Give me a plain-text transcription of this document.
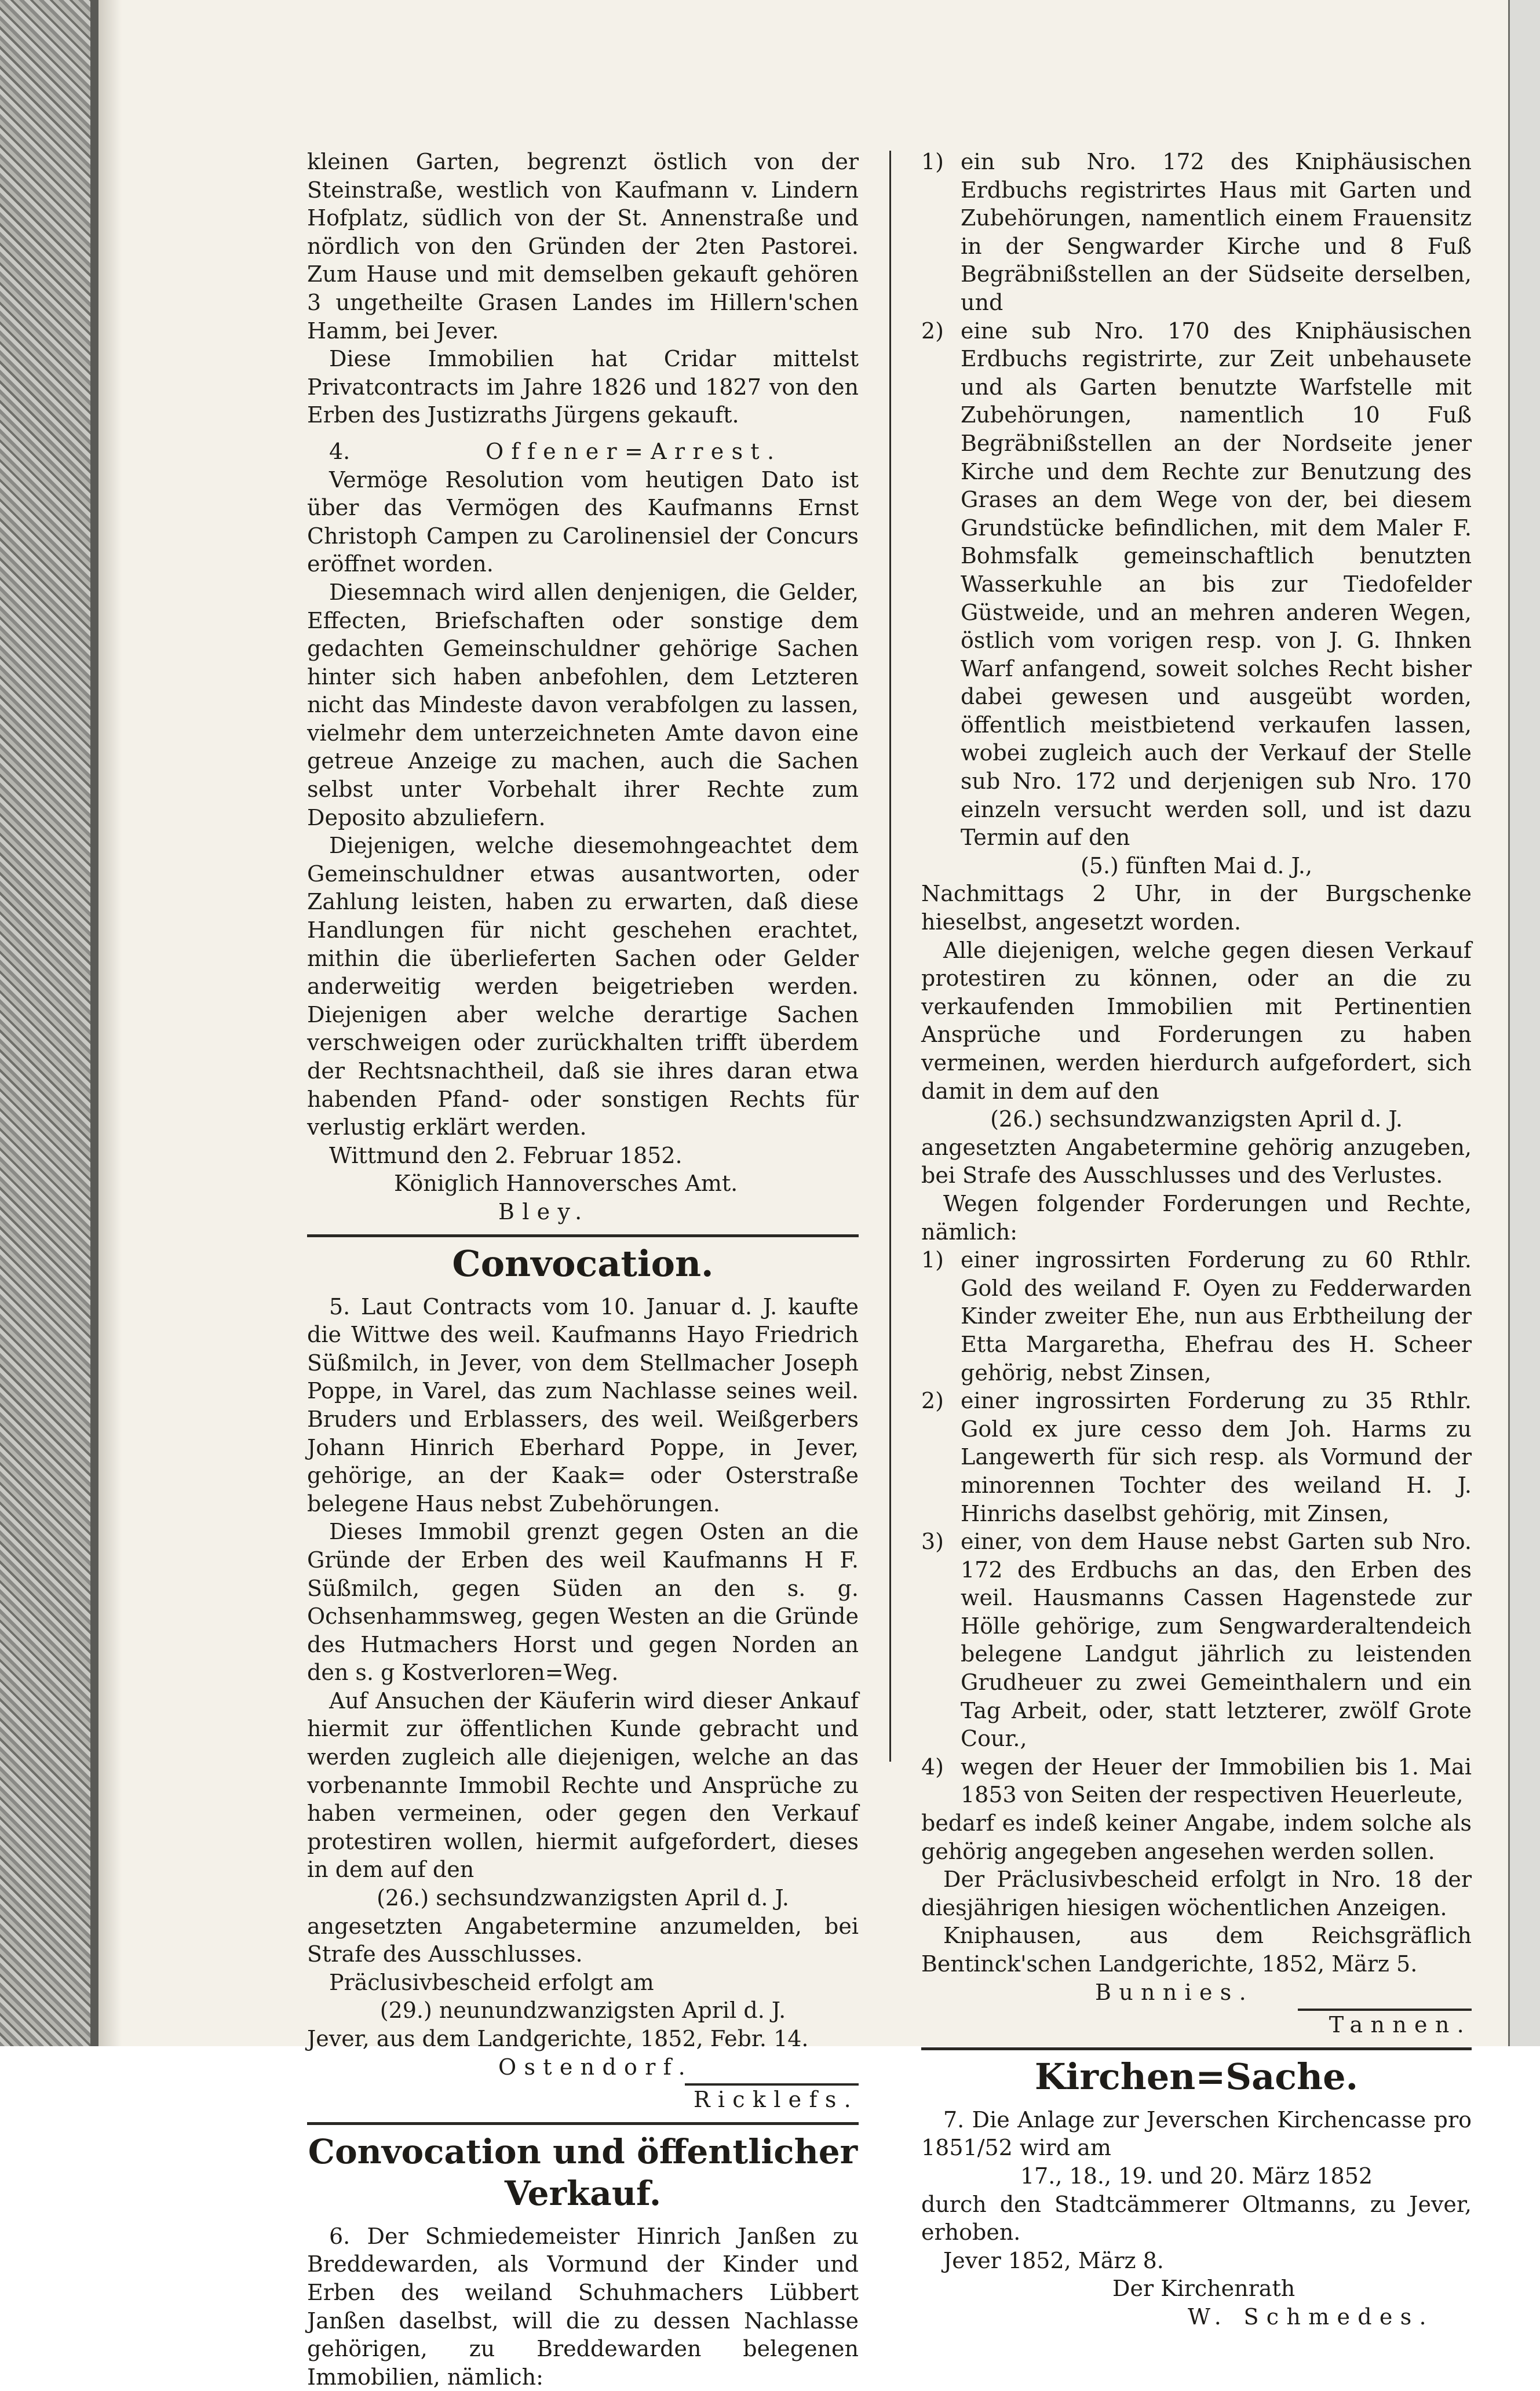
kleinen Garten, begrenzt östlich von der Steinstraße, westlich von Kaufmann v. Lindern Hofplatz, südlich von der St. Annenstraße und nördlich von den Gründen der 2ten Pastorei. Zum Hause und mit demselben gekauft gehören 3 ungetheilte Grasen Landes im Hillern'schen Hamm, bei Jever.

Diese Immobilien hat Cridar mittelst Privatcontracts im Jahre 1826 und 1827 von den Erben des Justizraths Jürgens gekauft.

4.	Offener=Arrest.

Vermöge Resolution vom heutigen Dato ist über das Vermögen des Kaufmanns Ernst Christoph Campen zu Carolinensiel der Concurs eröffnet worden.

Diesemnach wird allen denjenigen, die Gelder, Effecten, Briefschaften oder sonstige dem gedachten Gemeinschuldner gehörige Sachen hinter sich haben anbefohlen, dem Letzteren nicht das Mindeste davon verabfolgen zu lassen, vielmehr dem unterzeichneten Amte davon eine getreue Anzeige zu machen, auch die Sachen selbst unter Vorbehalt ihrer Rechte zum Deposito abzuliefern.

Diejenigen, welche diesemohngeachtet dem Gemeinschuldner etwas ausantworten, oder Zahlung leisten, haben zu erwarten, daß diese Handlungen für nicht geschehen erachtet, mithin die überlieferten Sachen oder Gelder anderweitig werden beigetrieben werden. Diejenigen aber welche derartige Sachen verschweigen oder zurückhalten trifft überdem der Rechtsnachtheil, daß sie ihres daran etwa habenden Pfand- oder sonstigen Rechts für verlustig erklärt werden.

Wittmund den 2. Februar 1852.

Königlich Hannoversches Amt.

Bley.

Convocation.

5. Laut Contracts vom 10. Januar d. J. kaufte die Wittwe des weil. Kaufmanns Hayo Friedrich Süßmilch, in Jever, von dem Stellmacher Joseph Poppe, in Varel, das zum Nachlasse seines weil. Bruders und Erblassers, des weil. Weißgerbers Johann Hinrich Eberhard Poppe, in Jever, gehörige, an der Kaak= oder Osterstraße belegene Haus nebst Zubehörungen.

Dieses Immobil grenzt gegen Osten an die Gründe der Erben des weil Kaufmanns H F. Süßmilch, gegen Süden an den s. g. Ochsenhammsweg, gegen Westen an die Gründe des Hutmachers Horst und gegen Norden an den s. g Kostverloren=Weg.

Auf Ansuchen der Käuferin wird dieser Ankauf hiermit zur öffentlichen Kunde gebracht und werden zugleich alle diejenigen, welche an das vorbenannte Immobil Rechte und Ansprüche zu haben vermeinen, oder gegen den Verkauf protestiren wollen, hiermit aufgefordert, dieses in dem auf den

(26.) sechsundzwanzigsten April d. J.

angesetzten Angabetermine anzumelden, bei Strafe des Ausschlusses.

Präclusivbescheid erfolgt am

(29.) neunundzwanzigsten April d. J.

Jever, aus dem Landgerichte, 1852, Febr. 14.

Ostendorf.

Ricklefs.

Convocation und öffentlicher Verkauf.

6. Der Schmiedemeister Hinrich Janßen zu Breddewarden, als Vormund der Kinder und Erben des weiland Schuhmachers Lübbert Janßen daselbst, will die zu dessen Nachlasse gehörigen, zu Breddewarden belegenen Immobilien, nämlich:

1) ein sub Nro. 172 des Kniphäusischen Erdbuchs registrirtes Haus mit Garten und Zubehörungen, namentlich einem Frauensitz in der Sengwarder Kirche und 8 Fuß Begräbnißstellen an der Südseite derselben, und
2) eine sub Nro. 170 des Kniphäusischen Erdbuchs registrirte, zur Zeit unbehausete und als Garten benutzte Warfstelle mit Zubehörungen, namentlich 10 Fuß Begräbnißstellen an der Nordseite jener Kirche und dem Rechte zur Benutzung des Grases an dem Wege von der, bei diesem Grundstücke befindlichen, mit dem Maler F. Bohmsfalk gemeinschaftlich benutzten Wasserkuhle an bis zur Tiedofelder Güstweide, und an mehren anderen Wegen, östlich vom vorigen resp. von J. G. Ihnken Warf anfangend, soweit solches Recht bisher dabei gewesen und ausgeübt worden, öffentlich meistbietend verkaufen lassen, wobei zugleich auch der Verkauf der Stelle sub Nro. 172 und derjenigen sub Nro. 170 einzeln versucht werden soll, und ist dazu Termin auf den

(5.) fünften Mai d. J.,

Nachmittags 2 Uhr, in der Burgschenke hieselbst, angesetzt worden.

Alle diejenigen, welche gegen diesen Verkauf protestiren zu können, oder an die zu verkaufenden Immobilien mit Pertinentien Ansprüche und Forderungen zu haben vermeinen, werden hierdurch aufgefordert, sich damit in dem auf den

(26.) sechsundzwanzigsten April d. J.

angesetzten Angabetermine gehörig anzugeben, bei Strafe des Ausschlusses und des Verlustes.

Wegen folgender Forderungen und Rechte, nämlich:

1) einer ingrossirten Forderung zu 60 Rthlr. Gold des weiland F. Oyen zu Fedderwarden Kinder zweiter Ehe, nun aus Erbtheilung der Etta Margaretha, Ehefrau des H. Scheer gehörig, nebst Zinsen,
2) einer ingrossirten Forderung zu 35 Rthlr. Gold ex jure cesso dem Joh. Harms zu Langewerth für sich resp. als Vormund der minorennen Tochter des weiland H. J. Hinrichs daselbst gehörig, mit Zinsen,
3) einer, von dem Hause nebst Garten sub Nro. 172 des Erdbuchs an das, den Erben des weil. Hausmanns Cassen Hagenstede zur Hölle gehörige, zum Sengwarderaltendeich belegene Landgut jährlich zu leistenden Grudheuer zu zwei Gemeinthalern und ein Tag Arbeit, oder, statt letzterer, zwölf Grote Cour.,
4) wegen der Heuer der Immobilien bis 1. Mai 1853 von Seiten der respectiven Heuerleute,

bedarf es indeß keiner Angabe, indem solche als gehörig angegeben angesehen werden sollen.

Der Präclusivbescheid erfolgt in Nro. 18 der diesjährigen hiesigen wöchentlichen Anzeigen.

Kniphausen, aus dem Reichsgräflich Bentinck'schen Landgerichte, 1852, März 5.

Bunnies.

Tannen.

Kirchen=Sache.

7. Die Anlage zur Jeverschen Kirchencasse pro 1851/52 wird am

17., 18., 19. und 20. März 1852

durch den Stadtcämmerer Oltmanns, zu Jever, erhoben.

Jever 1852, März 8.

Der Kirchenrath

W. Schmedes.
